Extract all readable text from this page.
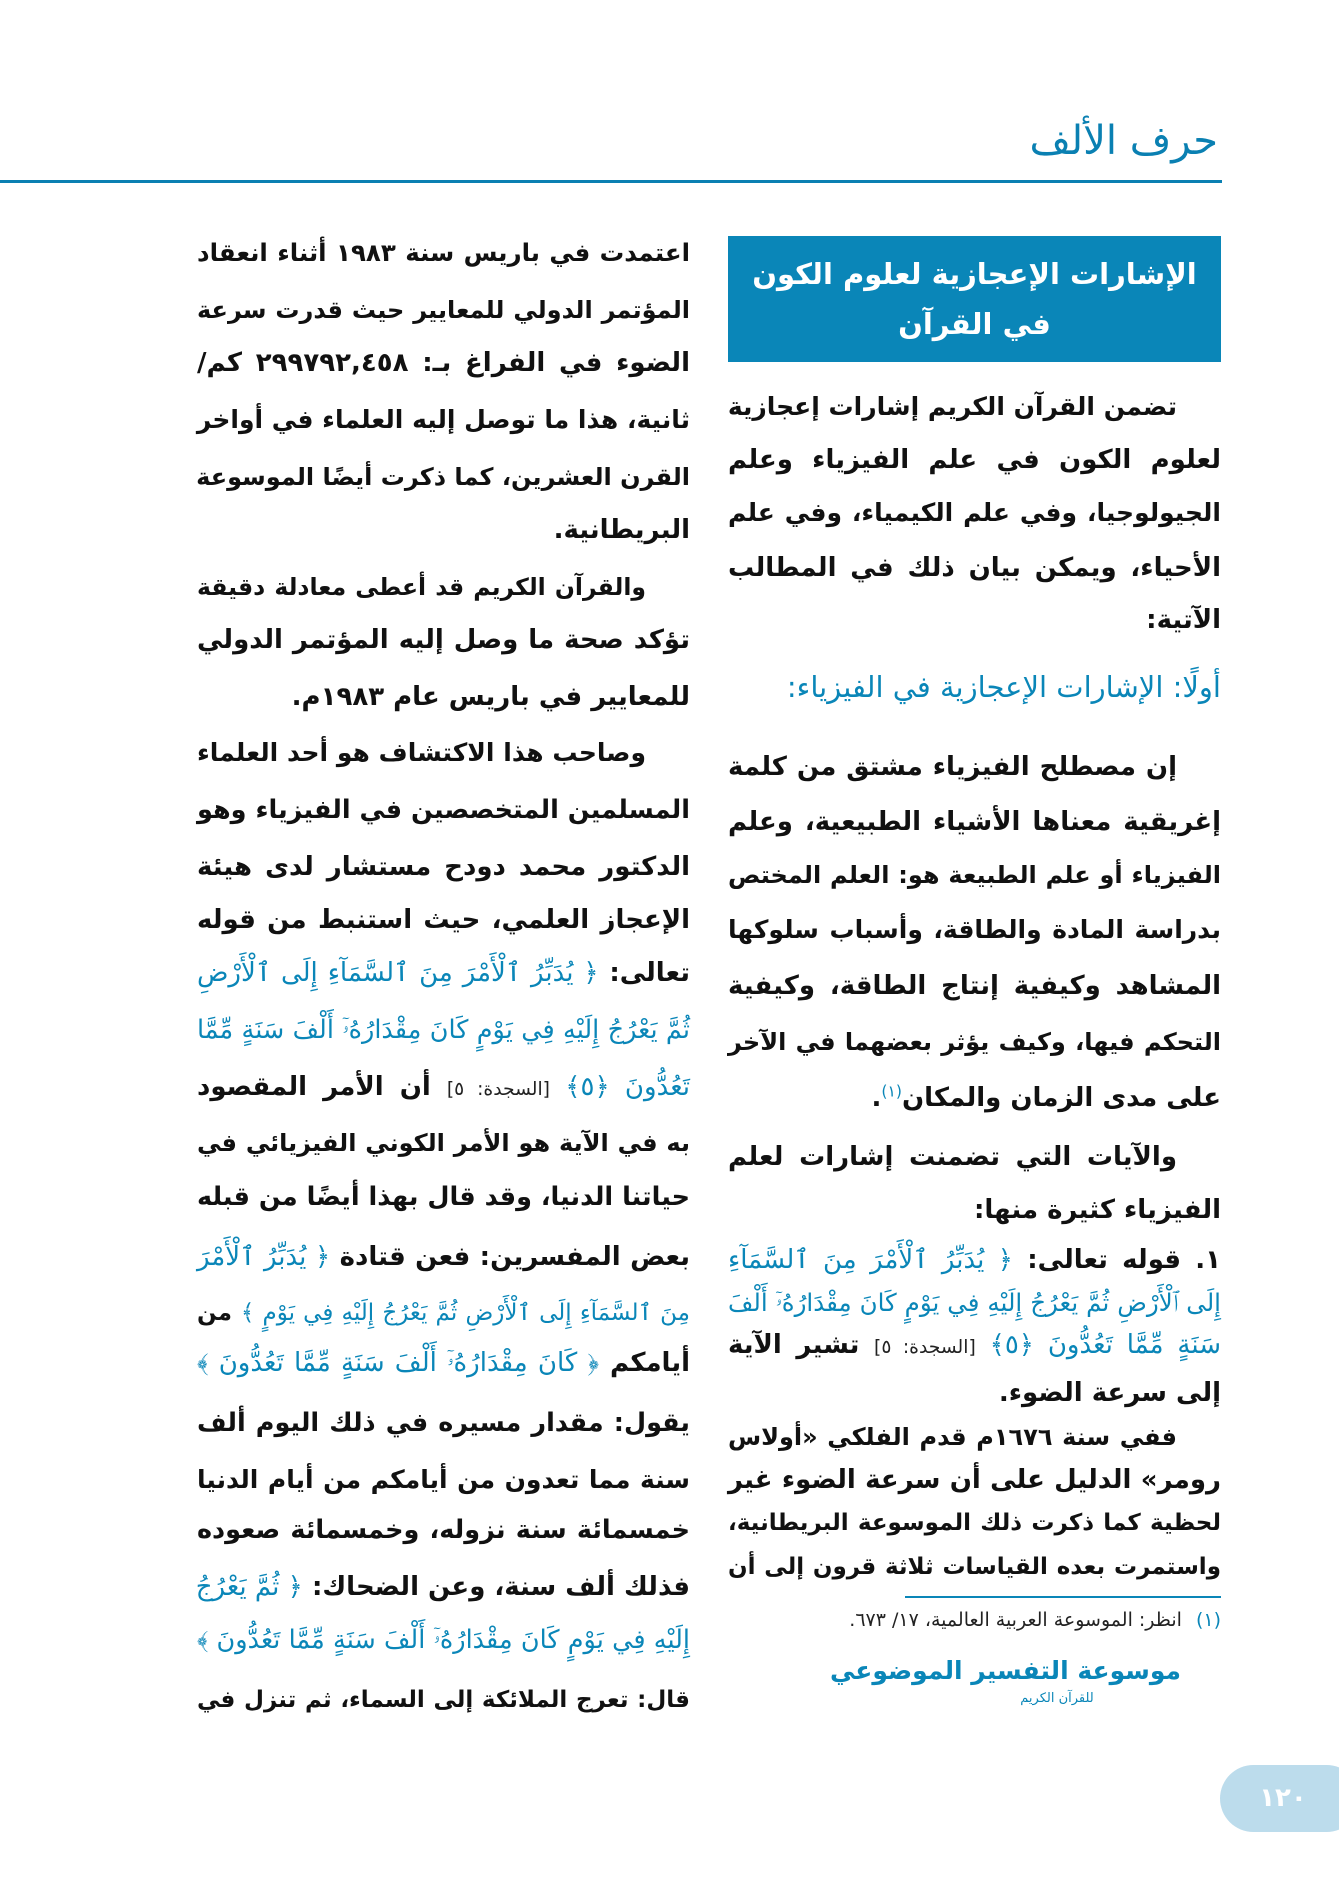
حرف الألف
الإشارات الإعجازية لعلوم الكون في القرآن
تضمن القرآن الكريم إشارات إعجازية
لعلوم الكون في علم الفيزياء وعلم
الجيولوجيا، وفي علم الكيمياء، وفي علم
الأحياء، ويمكن بيان ذلك في المطالب
الآتية:
أولًا: الإشارات الإعجازية في الفيزياء:
إن مصطلح الفيزياء مشتق من كلمة
إغريقية معناها الأشياء الطبيعية، وعلم
الفيزياء أو علم الطبيعة هو: العلم المختص
بدراسة المادة والطاقة، وأسباب سلوكها
المشاهد وكيفية إنتاج الطاقة، وكيفية
التحكم فيها، وكيف يؤثر بعضهما في الآخر
على مدى الزمان والمكان$^{(١)}$.
والآيات التي تضمنت إشارات لعلم
الفيزياء كثيرة منها:
١. قوله تعالى: ﴿ يُدَبِّرُ ٱلْأَمْرَ مِنَ ٱلسَّمَآءِ
إِلَى ٱلْأَرْضِ ثُمَّ يَعْرُجُ إِلَيْهِ فِي يَوْمٍ كَانَ مِقْدَارُهُۥٓ أَلْفَ
سَنَةٍ مِّمَّا تَعُدُّونَ ﴿٥﴾ [السجدة: ٥] تشير الآية
إلى سرعة الضوء.
ففي سنة ١٦٧٦م قدم الفلكي «أولاس
رومر» الدليل على أن سرعة الضوء غير
لحظية كما ذكرت ذلك الموسوعة البريطانية،
واستمرت بعده القياسات ثلاثة قرون إلى أن
اعتمدت في باريس سنة ١٩٨٣ أثناء انعقاد
المؤتمر الدولي للمعايير حيث قدرت سرعة
الضوء في الفراغ بـ: ٢٩٩٧٩٢,٤٥٨ كم/
ثانية، هذا ما توصل إليه العلماء في أواخر
القرن العشرين، كما ذكرت أيضًا الموسوعة
البريطانية.
والقرآن الكريم قد أعطى معادلة دقيقة
تؤكد صحة ما وصل إليه المؤتمر الدولي
للمعايير في باريس عام ١٩٨٣م.
وصاحب هذا الاكتشاف هو أحد العلماء
المسلمين المتخصصين في الفيزياء وهو
الدكتور محمد دودح مستشار لدى هيئة
الإعجاز العلمي، حيث استنبط من قوله
تعالى: ﴿ يُدَبِّرُ ٱلْأَمْرَ مِنَ ٱلسَّمَآءِ إِلَى ٱلْأَرْضِ
ثُمَّ يَعْرُجُ إِلَيْهِ فِي يَوْمٍ كَانَ مِقْدَارُهُۥٓ أَلْفَ سَنَةٍ مِّمَّا
تَعُدُّونَ ﴿٥﴾ [السجدة: ٥] أن الأمر المقصود
به في الآية هو الأمر الكوني الفيزيائي في
حياتنا الدنيا، وقد قال بهذا أيضًا من قبله
بعض المفسرين: فعن قتادة ﴿ يُدَبِّرُ ٱلْأَمْرَ
مِنَ ٱلسَّمَآءِ إِلَى ٱلْأَرْضِ ثُمَّ يَعْرُجُ إِلَيْهِ فِي يَوْمٍ ﴾ من
أيامكم ﴿ كَانَ مِقْدَارُهُۥٓ أَلْفَ سَنَةٍ مِّمَّا تَعُدُّونَ ﴾
يقول: مقدار مسيره في ذلك اليوم ألف
سنة مما تعدون من أيامكم من أيام الدنيا
خمسمائة سنة نزوله، وخمسمائة صعوده
فذلك ألف سنة، وعن الضحاك: ﴿ ثُمَّ يَعْرُجُ
إِلَيْهِ فِي يَوْمٍ كَانَ مِقْدَارُهُۥٓ أَلْفَ سَنَةٍ مِّمَّا تَعُدُّونَ ﴾
قال: تعرج الملائكة إلى السماء، ثم تنزل في
(١)انظر: الموسوعة العربية العالمية، ١٧/ ٦٧٣.
موسوعة التفسير الموضوعي
للقرآن الكريم
١٢٠
